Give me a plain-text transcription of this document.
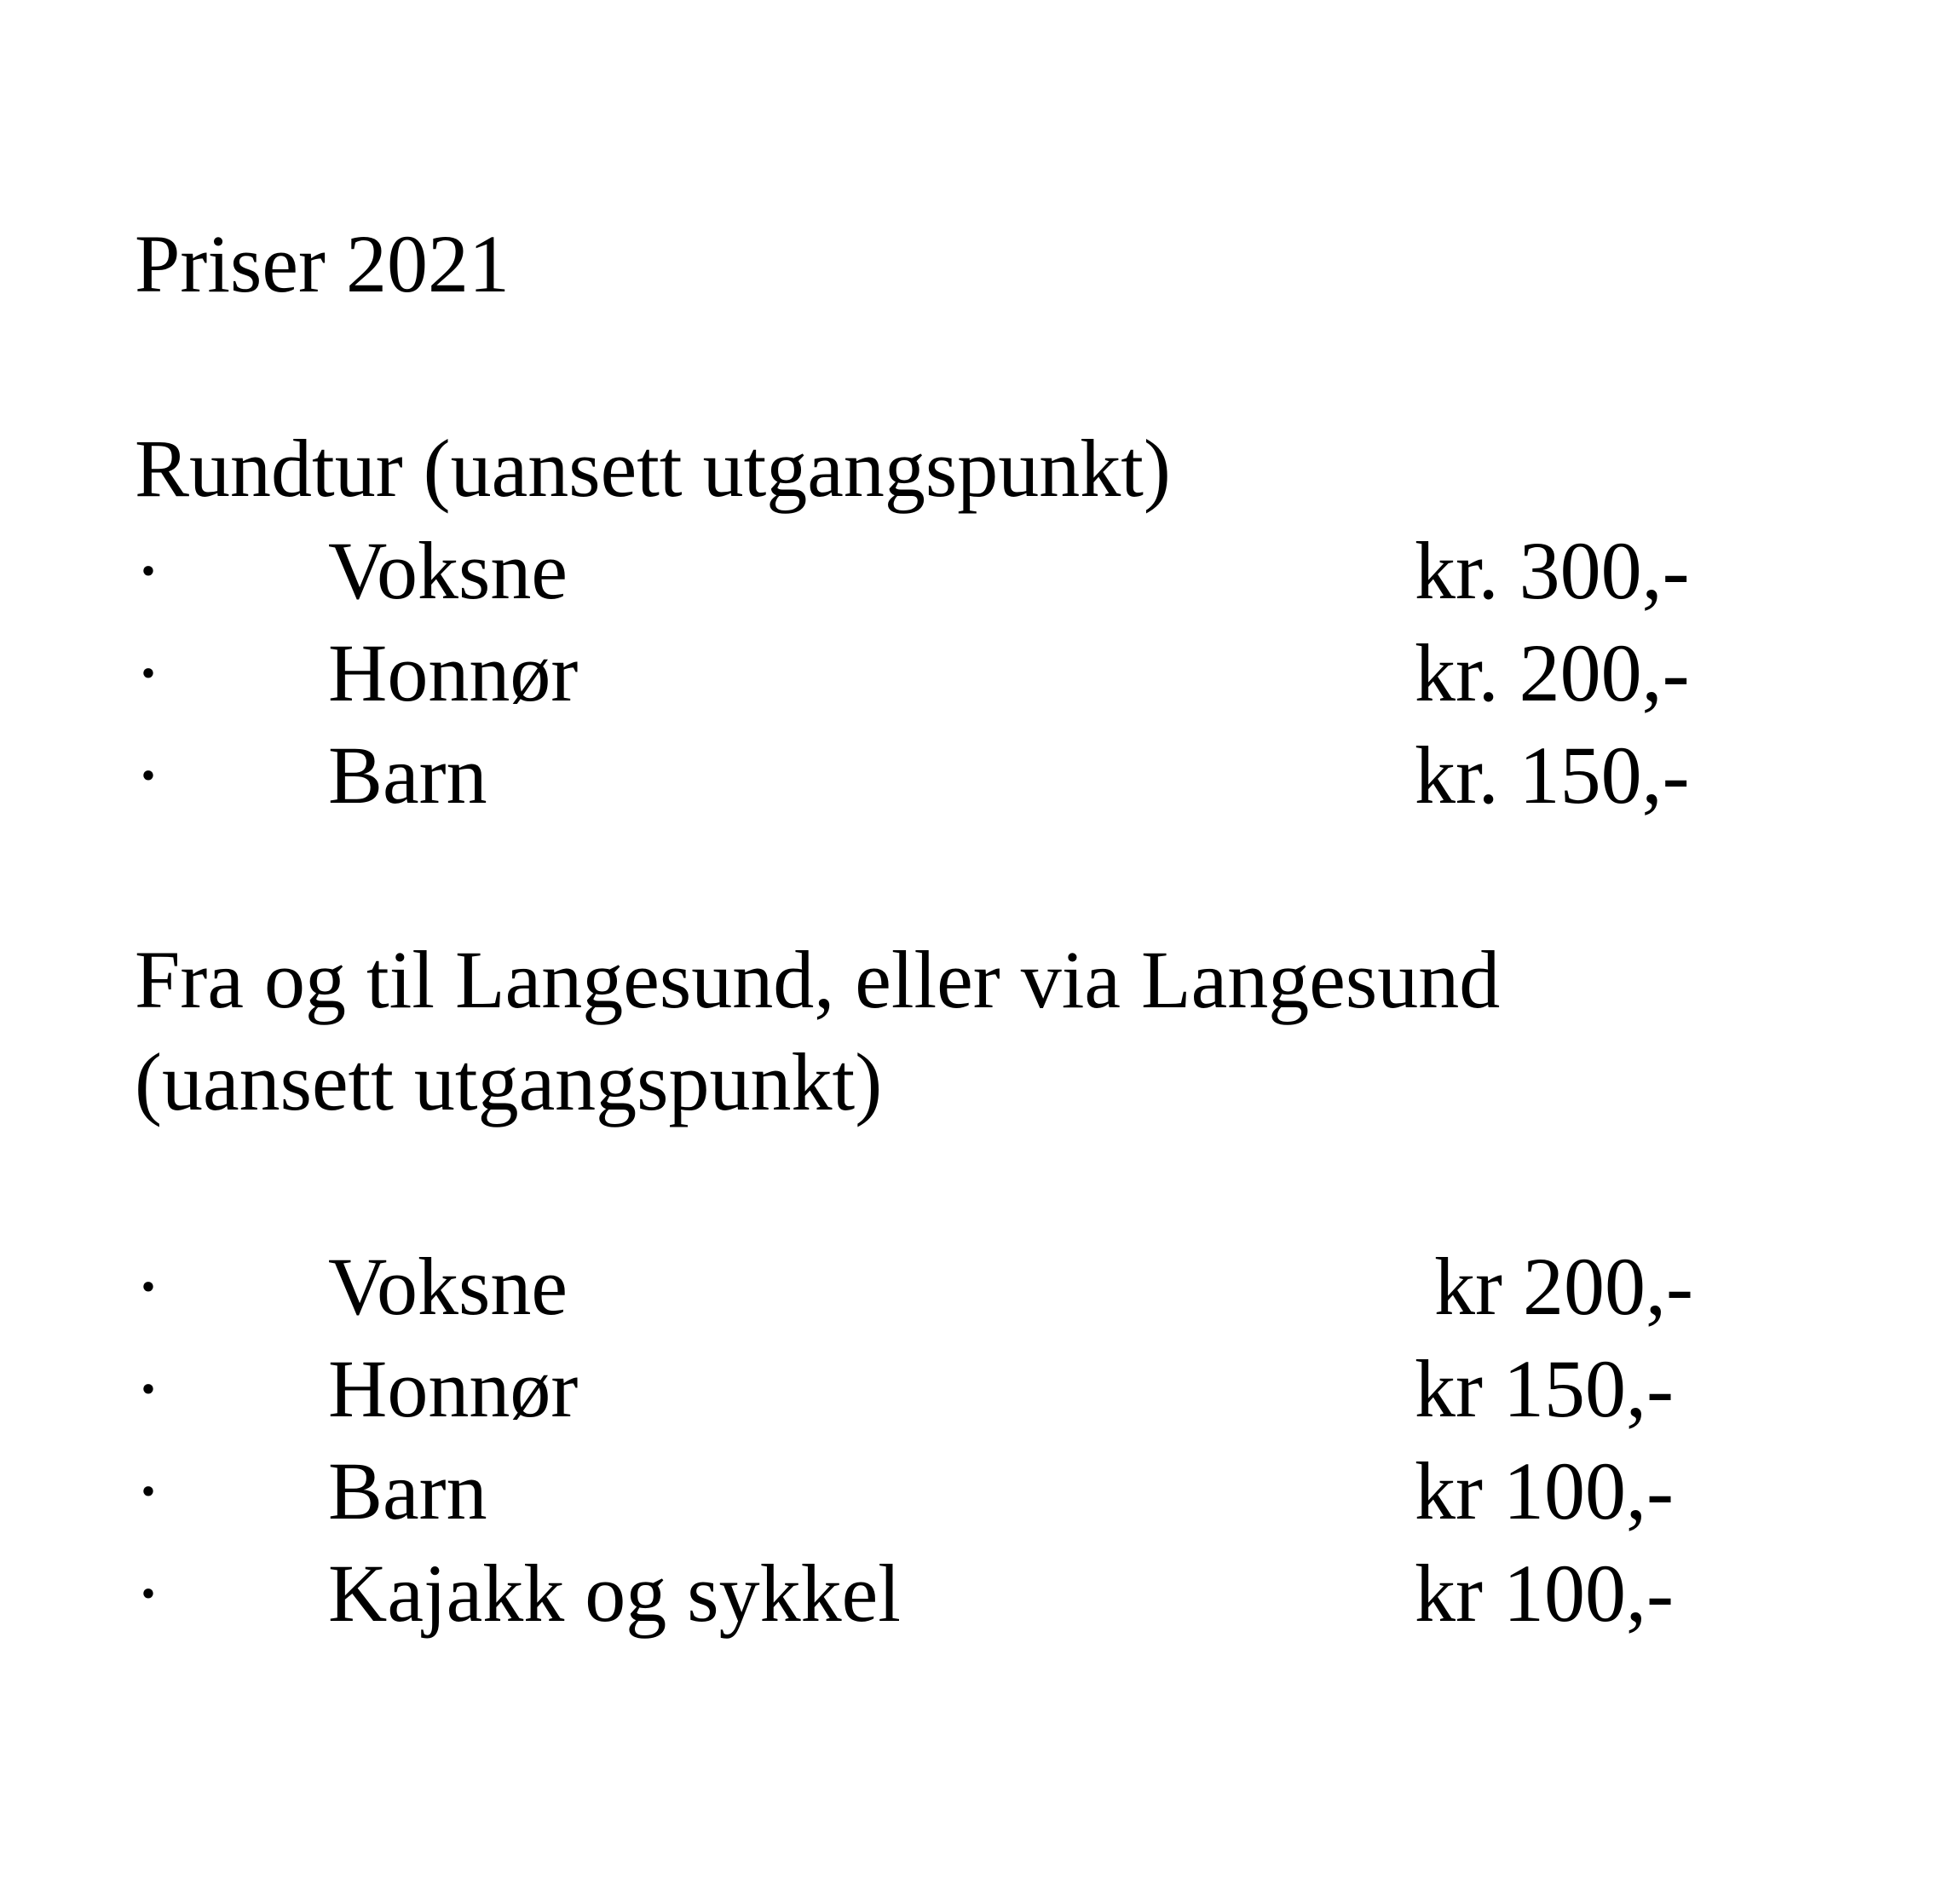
Priser 2021
Rundtur (uansett utgangspunkt)
· Voksne	kr. 300,-
· Honnør	kr. 200,-
· Barn	kr. 150,-
Fra og til Langesund, eller via Langesund
(uansett utgangspunkt)
· Voksne	kr 200,-
· Honnør	kr 150,-
· Barn	kr 100,-
· Kajakk og sykkel	kr 100,-
